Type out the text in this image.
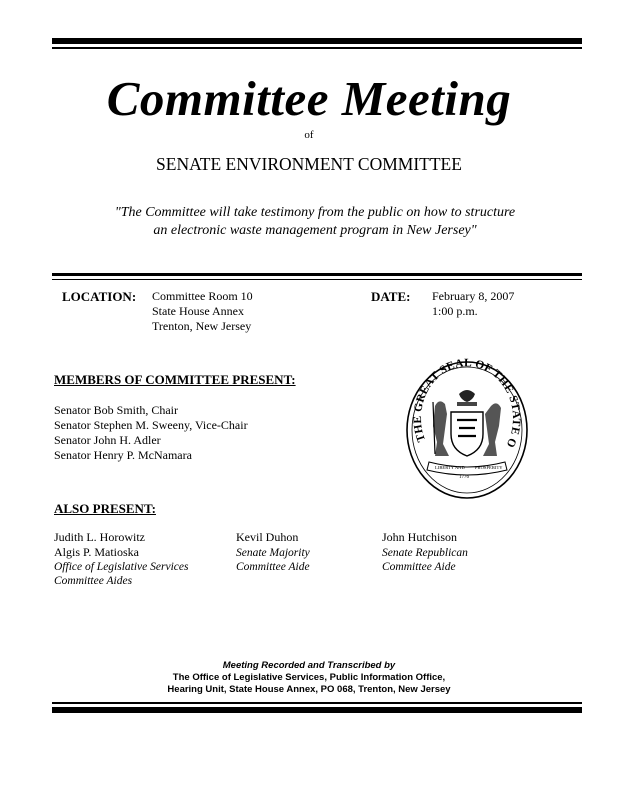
Committee Meeting
of
SENATE ENVIRONMENT COMMITTEE
"The Committee will take testimony from the public on how to structure
an electronic waste management program in New Jersey"
LOCATION: Committee Room 10
State House Annex
Trenton, New Jersey
DATE: February 8, 2007
1:00 p.m.
MEMBERS OF COMMITTEE PRESENT:
Senator Bob Smith, Chair
Senator Stephen M. Sweeny, Vice-Chair
Senator John H. Adler
Senator Henry P. McNamara
THE GREAT SEAL OF THE STATE O
LIBERTY AND PROSPERITY
1776
ALSO PRESENT:
Judith L. Horowitz
Algis P. Matioska
Office of Legislative Services
Committee Aides
Kevil Duhon
Senate Majority
Committee Aide
John Hutchison
Senate Republican
Committee Aide
Meeting Recorded and Transcribed by
The Office of Legislative Services, Public Information Office,
Hearing Unit, State House Annex, PO 068, Trenton, New Jersey
